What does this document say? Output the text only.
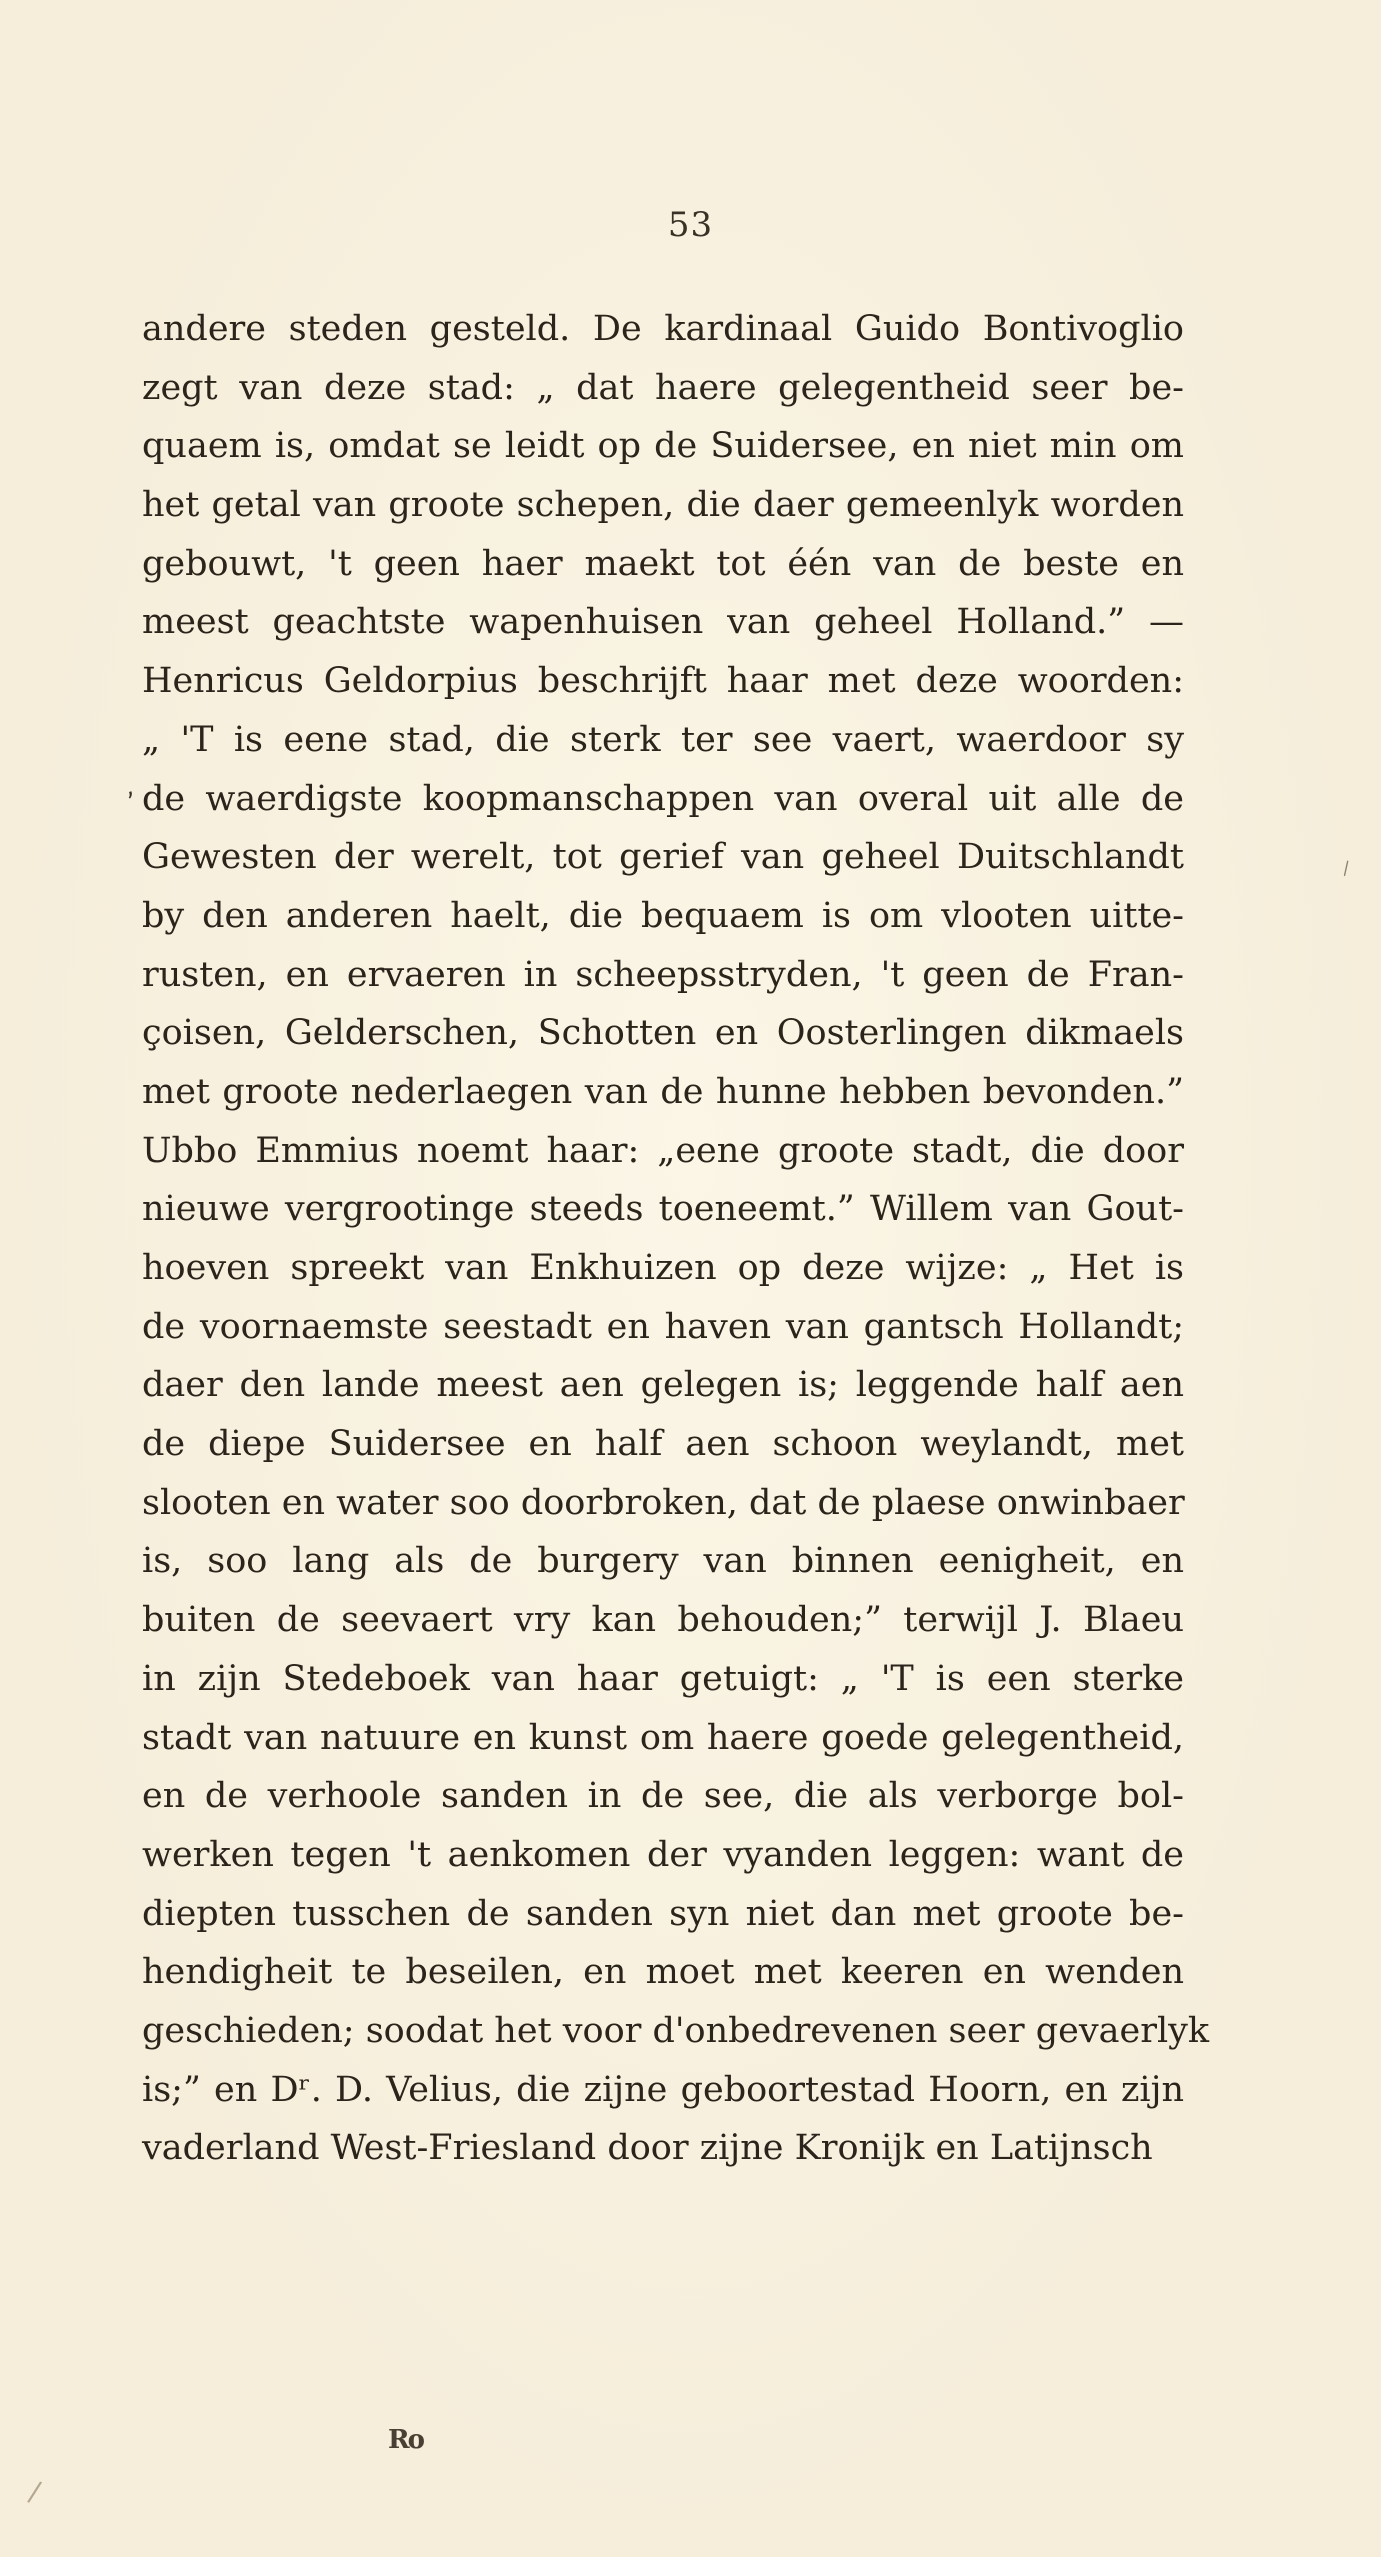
53
andere steden gesteld. De kardinaal Guido Bontivoglio
zegt van deze stad: „ dat haere gelegentheid seer be-
quaem is, omdat se leidt op de Suidersee, en niet min om
het getal van groote schepen, die daer gemeenlyk worden
gebouwt, 't geen haer maekt tot één van de beste en
meest geachtste wapenhuisen van geheel Holland.” —
Henricus Geldorpius beschrijft haar met deze woorden:
„ 'T is eene stad, die sterk ter see vaert, waerdoor sy
de waerdigste koopmanschappen van overal uit alle de
Gewesten der werelt, tot gerief van geheel Duitschlandt
by den anderen haelt, die bequaem is om vlooten uitte-
rusten, en ervaeren in scheepsstryden, 't geen de Fran-
çoisen, Gelderschen, Schotten en Oosterlingen dikmaels
met groote nederlaegen van de hunne hebben bevonden.”
Ubbo Emmius noemt haar: „eene groote stadt, die door
nieuwe vergrootinge steeds toeneemt.” Willem van Gout-
hoeven spreekt van Enkhuizen op deze wijze: „ Het is
de voornaemste seestadt en haven van gantsch Hollandt;
daer den lande meest aen gelegen is; leggende half aen
de diepe Suidersee en half aen schoon weylandt, met
slooten en water soo doorbroken, dat de plaese onwinbaer
is, soo lang als de burgery van binnen eenigheit, en
buiten de seevaert vry kan behouden;” terwijl J. Blaeu
in zijn Stedeboek van haar getuigt: „ 'T is een sterke
stadt van natuure en kunst om haere goede gelegentheid,
en de verhoole sanden in de see, die als verborge bol-
werken tegen 't aenkomen der vyanden leggen: want de
diepten tusschen de sanden syn niet dan met groote be-
hendigheit te beseilen, en moet met keeren en wenden
geschieden; soodat het voor d'onbedrevenen seer gevaerlyk
is;” en Dʳ. D. Velius, die zijne geboortestad Hoorn, en zijn
vaderland West-Friesland door zijne Kronijk en Latijnsch
,
\
Ro
/
